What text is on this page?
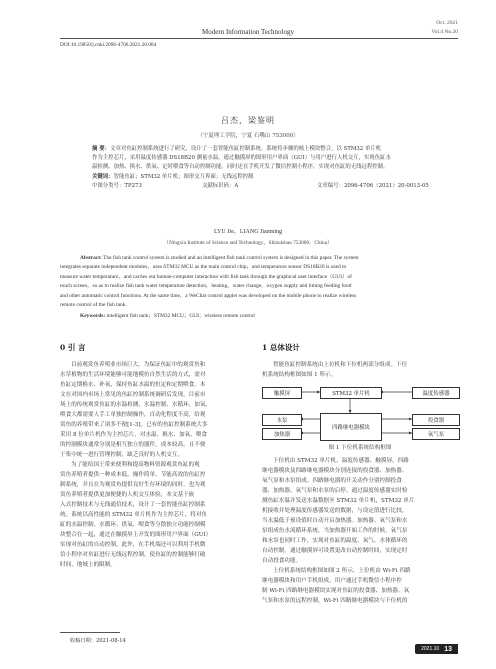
Modern Information Technology
Oct. 2021
Vol.4 No.20
DOI:10.19850/j.cnki.2096-4706.2021.20.004
吕杰，梁鉴明
（宁夏理工学院，宁夏 石嘴山 753000）
摘 要：文章对鱼缸控制系统进行了研究，设计了一套智能鱼缸控制系统。系统将步骤的核上模块整合，以 STM32 单片机
作为主控芯片，采用温度传感器 DS18B20 测量水温，通过触摸屏的图形用户界面（GUI）与用户进行人机交互，实现鱼缸水
温检测、加热、换水、供氧、定时喂食等自动控制功能。同时还在手机开发了微信控制小程序，实现对鱼缸的无线远程控制。
关键词：智能鱼缸；STM32 单片机；图形交互界面；无线远程控制
中图分类号：TP273	文献标识码：A	文章编号：2096-4706（2021）20-0013-05
LYU Jie，LIANG Jianming
（Ningxia Institute of Science and Technology，Shizuishan 753000，China）
Abstract: The fish tank control system is studied and an intelligent fish tank control system is designed in this paper. The system
integrates separate independent modules，uses STM32 MCU as the main control chip，and temperature sensor DS18B20 is used to
measure water temperature，and carries out human-computer interaction with fish tank through the graphical user interface（GUI）of
touch screen，so as to realize fish tank water temperature detection，heating，water change，oxygen supply and timing feeding food
and other automatic control functions. At the same time，a WeChat control applet was developed on the mobile phone to realize wireless
remote control of the fish tank.
Keywords: intelligent fish tank；STM32 MCU；GUI；wireless remote control
0 引 言
目前观赏鱼养殖业市场巨大，为保证鱼缸中的观赏鱼和
水草植物的生活环境能够可能地模仿自然生活的方式，需对
鱼缸定期换水、补氧，保持鱼缸水温的恒定和定期喂食。本
文在对国内市场上常见的鱼缸控制系统调研后发现，目前市
场上的传统观赏鱼缸的水温检测、水温控制、水循环、加氧、
喂食大都需要人手工单独控制操作，自动化程度不高，给观
赏鱼的养殖带来了诸多不便[1-3]。已有的鱼缸控制系统大多
采用 8 位单片机作为主控芯片，对水温、换水、加氧、喂食
的控制模块通常分别是相互独立的器件，成本较高，且不便
于集中统一进行管理控制，缺乏良好的人机交互。
为了能给国王带来便利和提高物料资源观赏鱼缸的观
赏鱼养殖者提供一种成本低、操作简单、节能高效的鱼缸控
制系统，并且在为观赏鱼提供良好生存环境的同时，也为观
赏鱼养殖者提供更加便捷的人机交互体验，本文基于嵌
入式控制技术与无线通信技术，设计了一套智能鱼缸控制系
统。系统以高性能的 STM32 单片机作为主控芯片，将对鱼
缸的水温控制、水循环、供氧、喂食等分散独立功能控制模
块整合在一起，通过在触摸屏上开发的图形用户界面（GUI）
实现对鱼缸的自动控制。此外，在手机端还可以利用手机微
信小程序对鱼缸进行无线远程控制，使鱼缸的控制能够打破
时间、地域上的限制。
收稿日期：2021-08-14
1 总体设计
智能鱼缸控制系统由上位机和下位机两部分组成。下位
机系统结构框图如图 1 所示。
触摸屏	STM32 单片机	温度传感器
水泵
加热器
四路继电器模块
投食器
氧气泵
图 1 下位机系统结构框图
下位机由 STM32 单片机、温度传感器、触摸屏、四路
继电器模块及四路继电器模块分别连接的投食器、加热器、
氧气泵和水泵组成。四路继电器的开关动作分别控制投食
器、加热器、氧气泵和水泵的启停。通过温度传感器实时检
测鱼缸水温并发送水温数据至 STM32 单片机，STM32 单片
机接收并处理温度传感器发送的数据，与设定值进行比较，
当水温低于预设值时自动开启加热器。加热器、氧气泵和水
泵组成鱼水流循环系统，当加热器开始工作的时候，氧气泵
和水泵也同时工作，实现对鱼缸的温度、氧气、水体循环的
自动控制。通过触摸屏可设置更改自动控制时间，实现定时
自动投食功能。
上位机系统结构框图如图 2 所示，上位机由 Wi-Fi 四路
继电器模块和用户手机组成，用户通过手机微信小程序控
制 Wi-Fi 四路继电器模块实现对鱼缸的投食器、加热器、氧
气泵和水泵的远程控制，Wi-Fi 四路继电器模块与下位机的
2021.10 13
